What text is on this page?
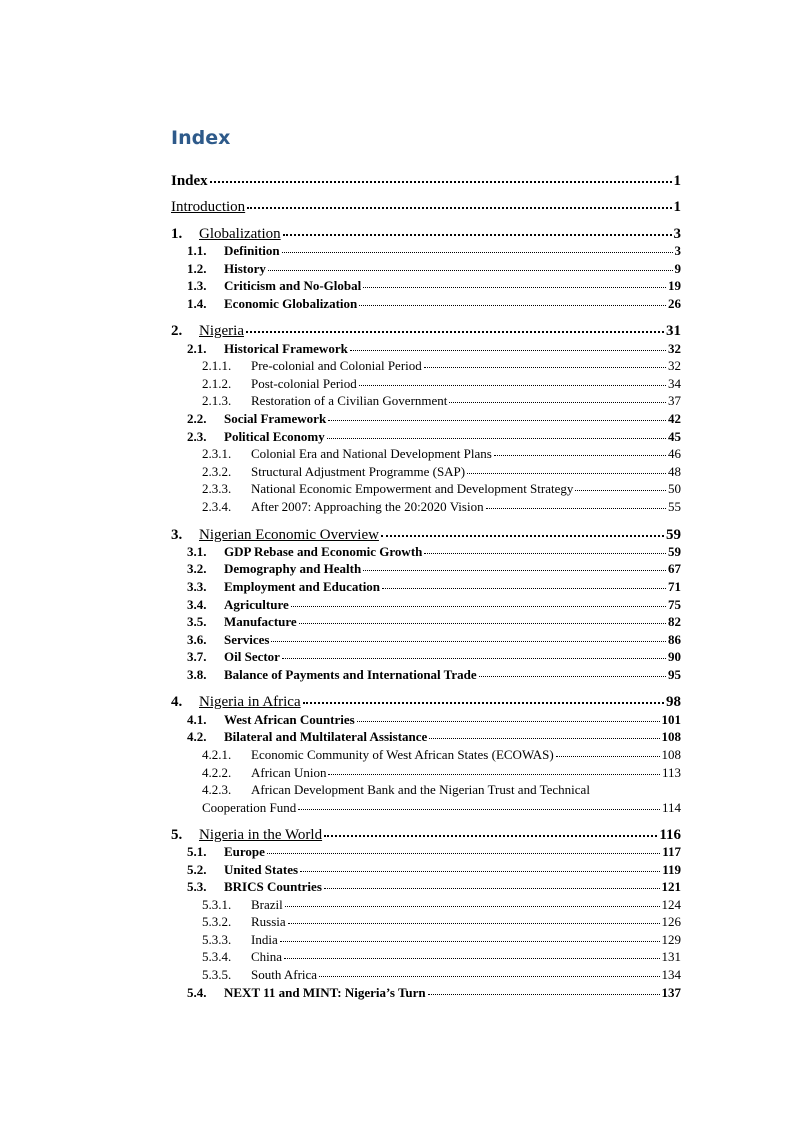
Index
Index	1
Introduction	1
1.	Globalization	3
1.1.	Definition	3
1.2.	History	9
1.3.	Criticism and No-Global	19
1.4.	Economic Globalization	26
2.	Nigeria	31
2.1.	Historical Framework	32
2.1.1.	Pre-colonial and Colonial Period	32
2.1.2.	Post-colonial Period	34
2.1.3.	Restoration of a Civilian Government	37
2.2.	Social Framework	42
2.3.	Political Economy	45
2.3.1.	Colonial Era and National Development Plans	46
2.3.2.	Structural Adjustment Programme (SAP)	48
2.3.3.	National Economic Empowerment and Development Strategy	50
2.3.4.	After 2007: Approaching the 20:2020 Vision	55
3.	Nigerian Economic Overview	59
3.1.	GDP Rebase and Economic Growth	59
3.2.	Demography and Health	67
3.3.	Employment and Education	71
3.4.	Agriculture	75
3.5.	Manufacture	82
3.6.	Services	86
3.7.	Oil Sector	90
3.8.	Balance of Payments and International Trade	95
4.	Nigeria in Africa	98
4.1.	West African Countries	101
4.2.	Bilateral and Multilateral Assistance	108
4.2.1.	Economic Community of West African States (ECOWAS)	108
4.2.2.	African Union	113
4.2.3. African Development Bank and the Nigerian Trust and Technical
Cooperation Fund	114
5.	Nigeria in the World	116
5.1.	Europe	117
5.2.	United States	119
5.3.	BRICS Countries	121
5.3.1.	Brazil	124
5.3.2.	Russia	126
5.3.3.	India	129
5.3.4.	China	131
5.3.5.	South Africa	134
5.4.	NEXT 11 and MINT: Nigeria’s Turn	137
